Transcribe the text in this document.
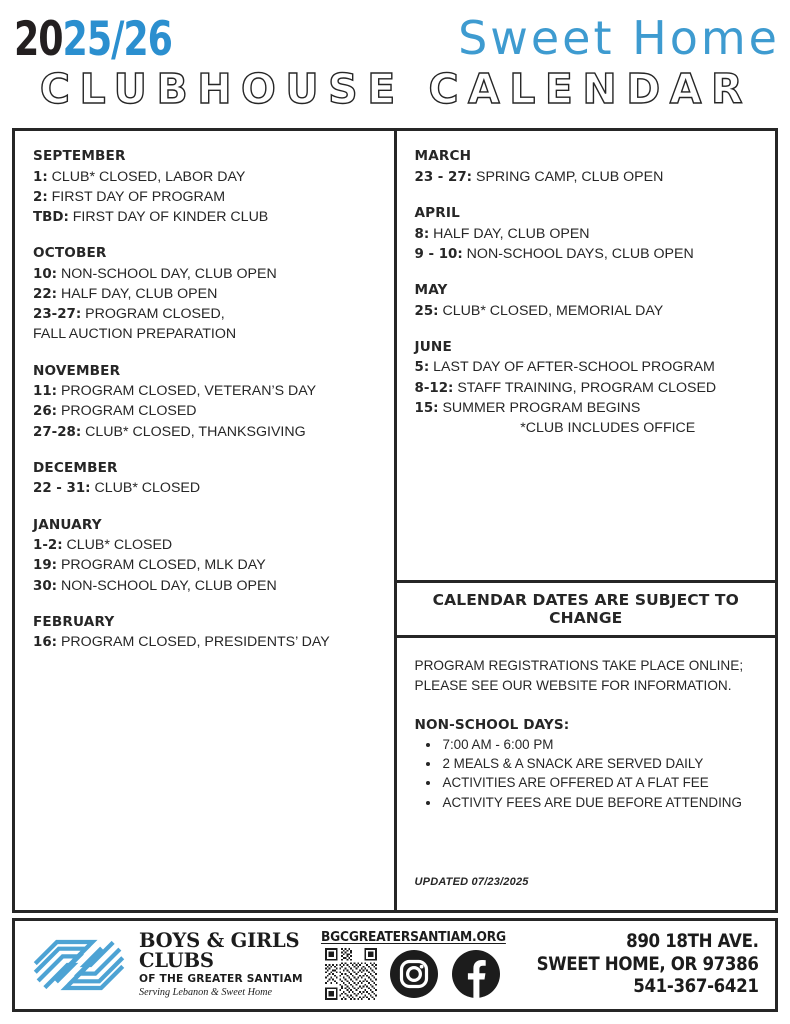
2025/26	Sweet Home
CLUBHOUSE CALENDAR
SEPTEMBER
1: CLUB* CLOSED, LABOR DAY
2: FIRST DAY OF PROGRAM
TBD: FIRST DAY OF KINDER CLUB
OCTOBER
10: NON-SCHOOL DAY, CLUB OPEN
22: HALF DAY, CLUB OPEN
23-27: PROGRAM CLOSED,
FALL AUCTION PREPARATION
NOVEMBER
11: PROGRAM CLOSED, VETERAN’S DAY
26: PROGRAM CLOSED
27-28: CLUB* CLOSED, THANKSGIVING
DECEMBER
22 - 31: CLUB* CLOSED
JANUARY
1-2: CLUB* CLOSED
19: PROGRAM CLOSED, MLK DAY
30: NON-SCHOOL DAY, CLUB OPEN
FEBRUARY
16: PROGRAM CLOSED, PRESIDENTS’ DAY
MARCH
23 - 27: SPRING CAMP, CLUB OPEN
APRIL
8: HALF DAY, CLUB OPEN
9 - 10: NON-SCHOOL DAYS, CLUB OPEN
MAY
25: CLUB* CLOSED, MEMORIAL DAY
JUNE
5: LAST DAY OF AFTER-SCHOOL PROGRAM
8-12: STAFF TRAINING, PROGRAM CLOSED
15: SUMMER PROGRAM BEGINS
*CLUB INCLUDES OFFICE
CALENDAR DATES ARE SUBJECT TO CHANGE
PROGRAM REGISTRATIONS TAKE PLACE ONLINE;
PLEASE SEE OUR WEBSITE FOR INFORMATION.
NON-SCHOOL DAYS:
• 7:00 AM - 6:00 PM
• 2 MEALS & A SNACK ARE SERVED DAILY
• ACTIVITIES ARE OFFERED AT A FLAT FEE
• ACTIVITY FEES ARE DUE BEFORE ATTENDING
UPDATED 07/23/2025
BOYS & GIRLS CLUBS
OF THE GREATER SANTIAM
Serving Lebanon & Sweet Home
BGCGREATERSANTIAM.ORG	890 18TH AVE.
SWEET HOME, OR 97386
541-367-6421
